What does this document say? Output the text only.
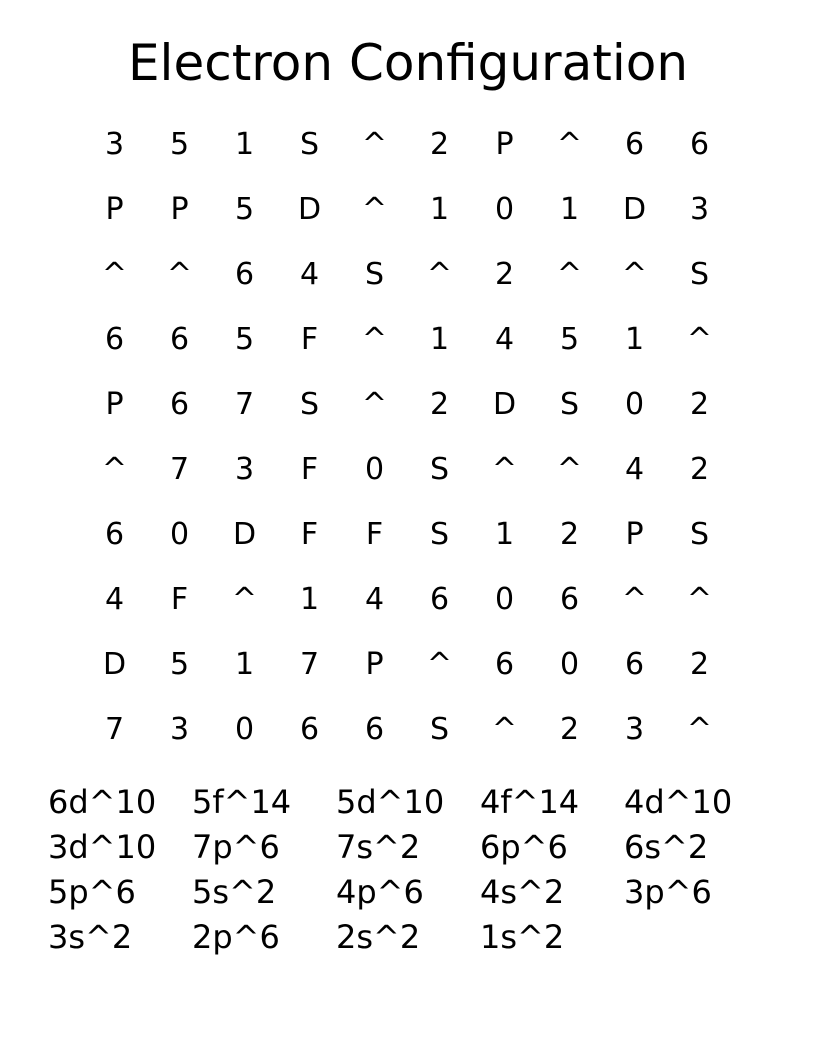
Electron Configuration
3	5	1	S	^	2	P	^	6	6
P	P	5	D	^	1	0	1	D	3
^	^	6	4	S	^	2	^	^	S
6	6	5	F	^	1	4	5	1	^
P	6	7	S	^	2	D	S	0	2
^	7	3	F	0	S	^	^	4	2
6	0	D	F	F	S	1	2	P	S
4	F	^	1	4	6	0	6	^	^
D	5	1	7	P	^	6	0	6	2
7	3	0	6	6	S	^	2	3	^
6d^10	5f^14	5d^10	4f^14	4d^10
3d^10	7p^6	7s^2	6p^6	6s^2
5p^6	5s^2	4p^6	4s^2	3p^6
3s^2	2p^6	2s^2	1s^2
